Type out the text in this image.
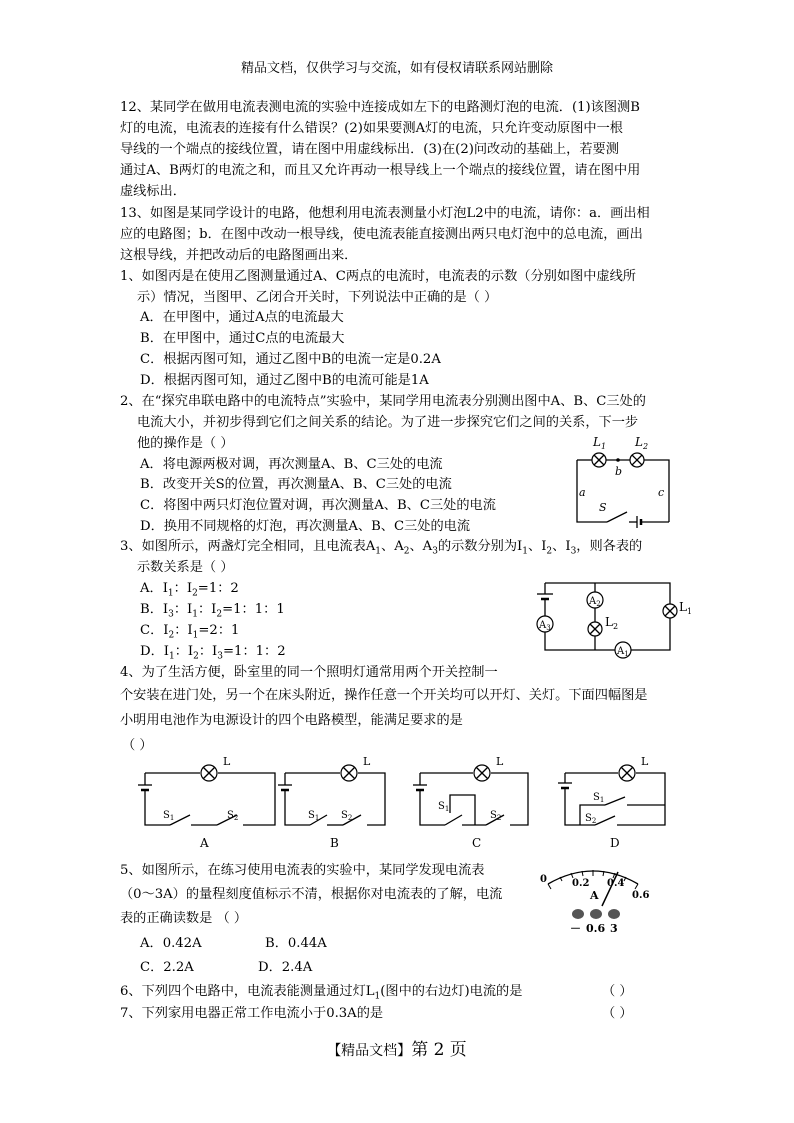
精品文档，仅供学习与交流，如有侵权请联系网站删除
12、某同学在做用电流表测电流的实验中连接成如左下的电路测灯泡的电流．(1)该图测B
灯的电流，电流表的连接有什么错误？(2)如果要测A灯的电流，只允许变动原图中一根
导线的一个端点的接线位置，请在图中用虚线标出．(3)在(2)问改动的基础上，若要测
通过A、B两灯的电流之和，而且又允许再动一根导线上一个端点的接线位置，请在图中用
虚线标出．
13、如图是某同学设计的电路，他想利用电流表测量小灯泡L2中的电流，请你：a．画出相
应的电路图；b．在图中改动一根导线，使电流表能直接测出两只电灯泡中的总电流，画出
这根导线，并把改动后的电路图画出来．
1、如图丙是在使用乙图测量通过A、C两点的电流时，电流表的示数（分别如图中虚线所
示）情况，当图甲、乙闭合开关时，下列说法中正确的是（ ）
A．在甲图中，通过A点的电流最大
B．在甲图中，通过C点的电流最大
C．根据丙图可知，通过乙图中B的电流一定是0.2A
D．根据丙图可知，通过乙图中B的电流可能是1A
2、在“探究串联电路中的电流特点”实验中，某同学用电流表分别测出图中A、B、C三处的
电流大小，并初步得到它们之间关系的结论。为了进一步探究它们之间的关系，下一步
他的操作是（ ）
A．将电源两极对调，再次测量A、B、C三处的电流
B．改变开关S的位置，再次测量A、B、C三处的电流
C．将图中两只灯泡位置对调，再次测量A、B、C三处的电流
D．换用不同规格的灯泡，再次测量A、B、C三处的电流
$L_1$ $L_2$
b
a	c
S
3、如图所示，两盏灯完全相同，且电流表$A_1$、$A_2$、$A_3$的示数分别为$I_1$、$I_2$、$I_3$，则各表的
示数关系是（ ）
A．$I_1$：$I_2=1$：2
B．$I_3$：$I_1$：$I_2=1$：1：1
C．$I_2$：$I_1=2$：1
D．$I_1$：$I_2$：$I_3=1$：1：2
$A_3$
$A_2$
$A_1$
$L_2$
$L_1$
4、为了生活方便，卧室里的同一个照明灯通常用两个开关控制一
个安装在进门处，另一个在床头附近，操作任意一个开关均可以开灯、关灯。下面四幅图是
小明用电池作为电源设计的四个电路模型，能满足要求的是
（ ）
L
$S_1$	$S_2$
A
L
$S_1$ $S_2$
B
L
$S_1$
$S_2$
C
L
$S_1$
$S_2$
D
5、如图所示，在练习使用电流表的实验中，某同学发现电流表
（0～3A）的量程刻度值标示不清，根据你对电流表的了解，电流
表的正确读数是 （ ）
A．0.42A	B．0.44A
C．2.2A	D．2.4A
0	0.2 0.4
0.6
A
－ 0.6 3
6、下列四个电路中，电流表能测量通过灯$L_1$(图中的右边灯)电流的是	（ ）
7、下列家用电器正常工作电流小于0.3A的是	（ ）
【精品文档】第 2 页
